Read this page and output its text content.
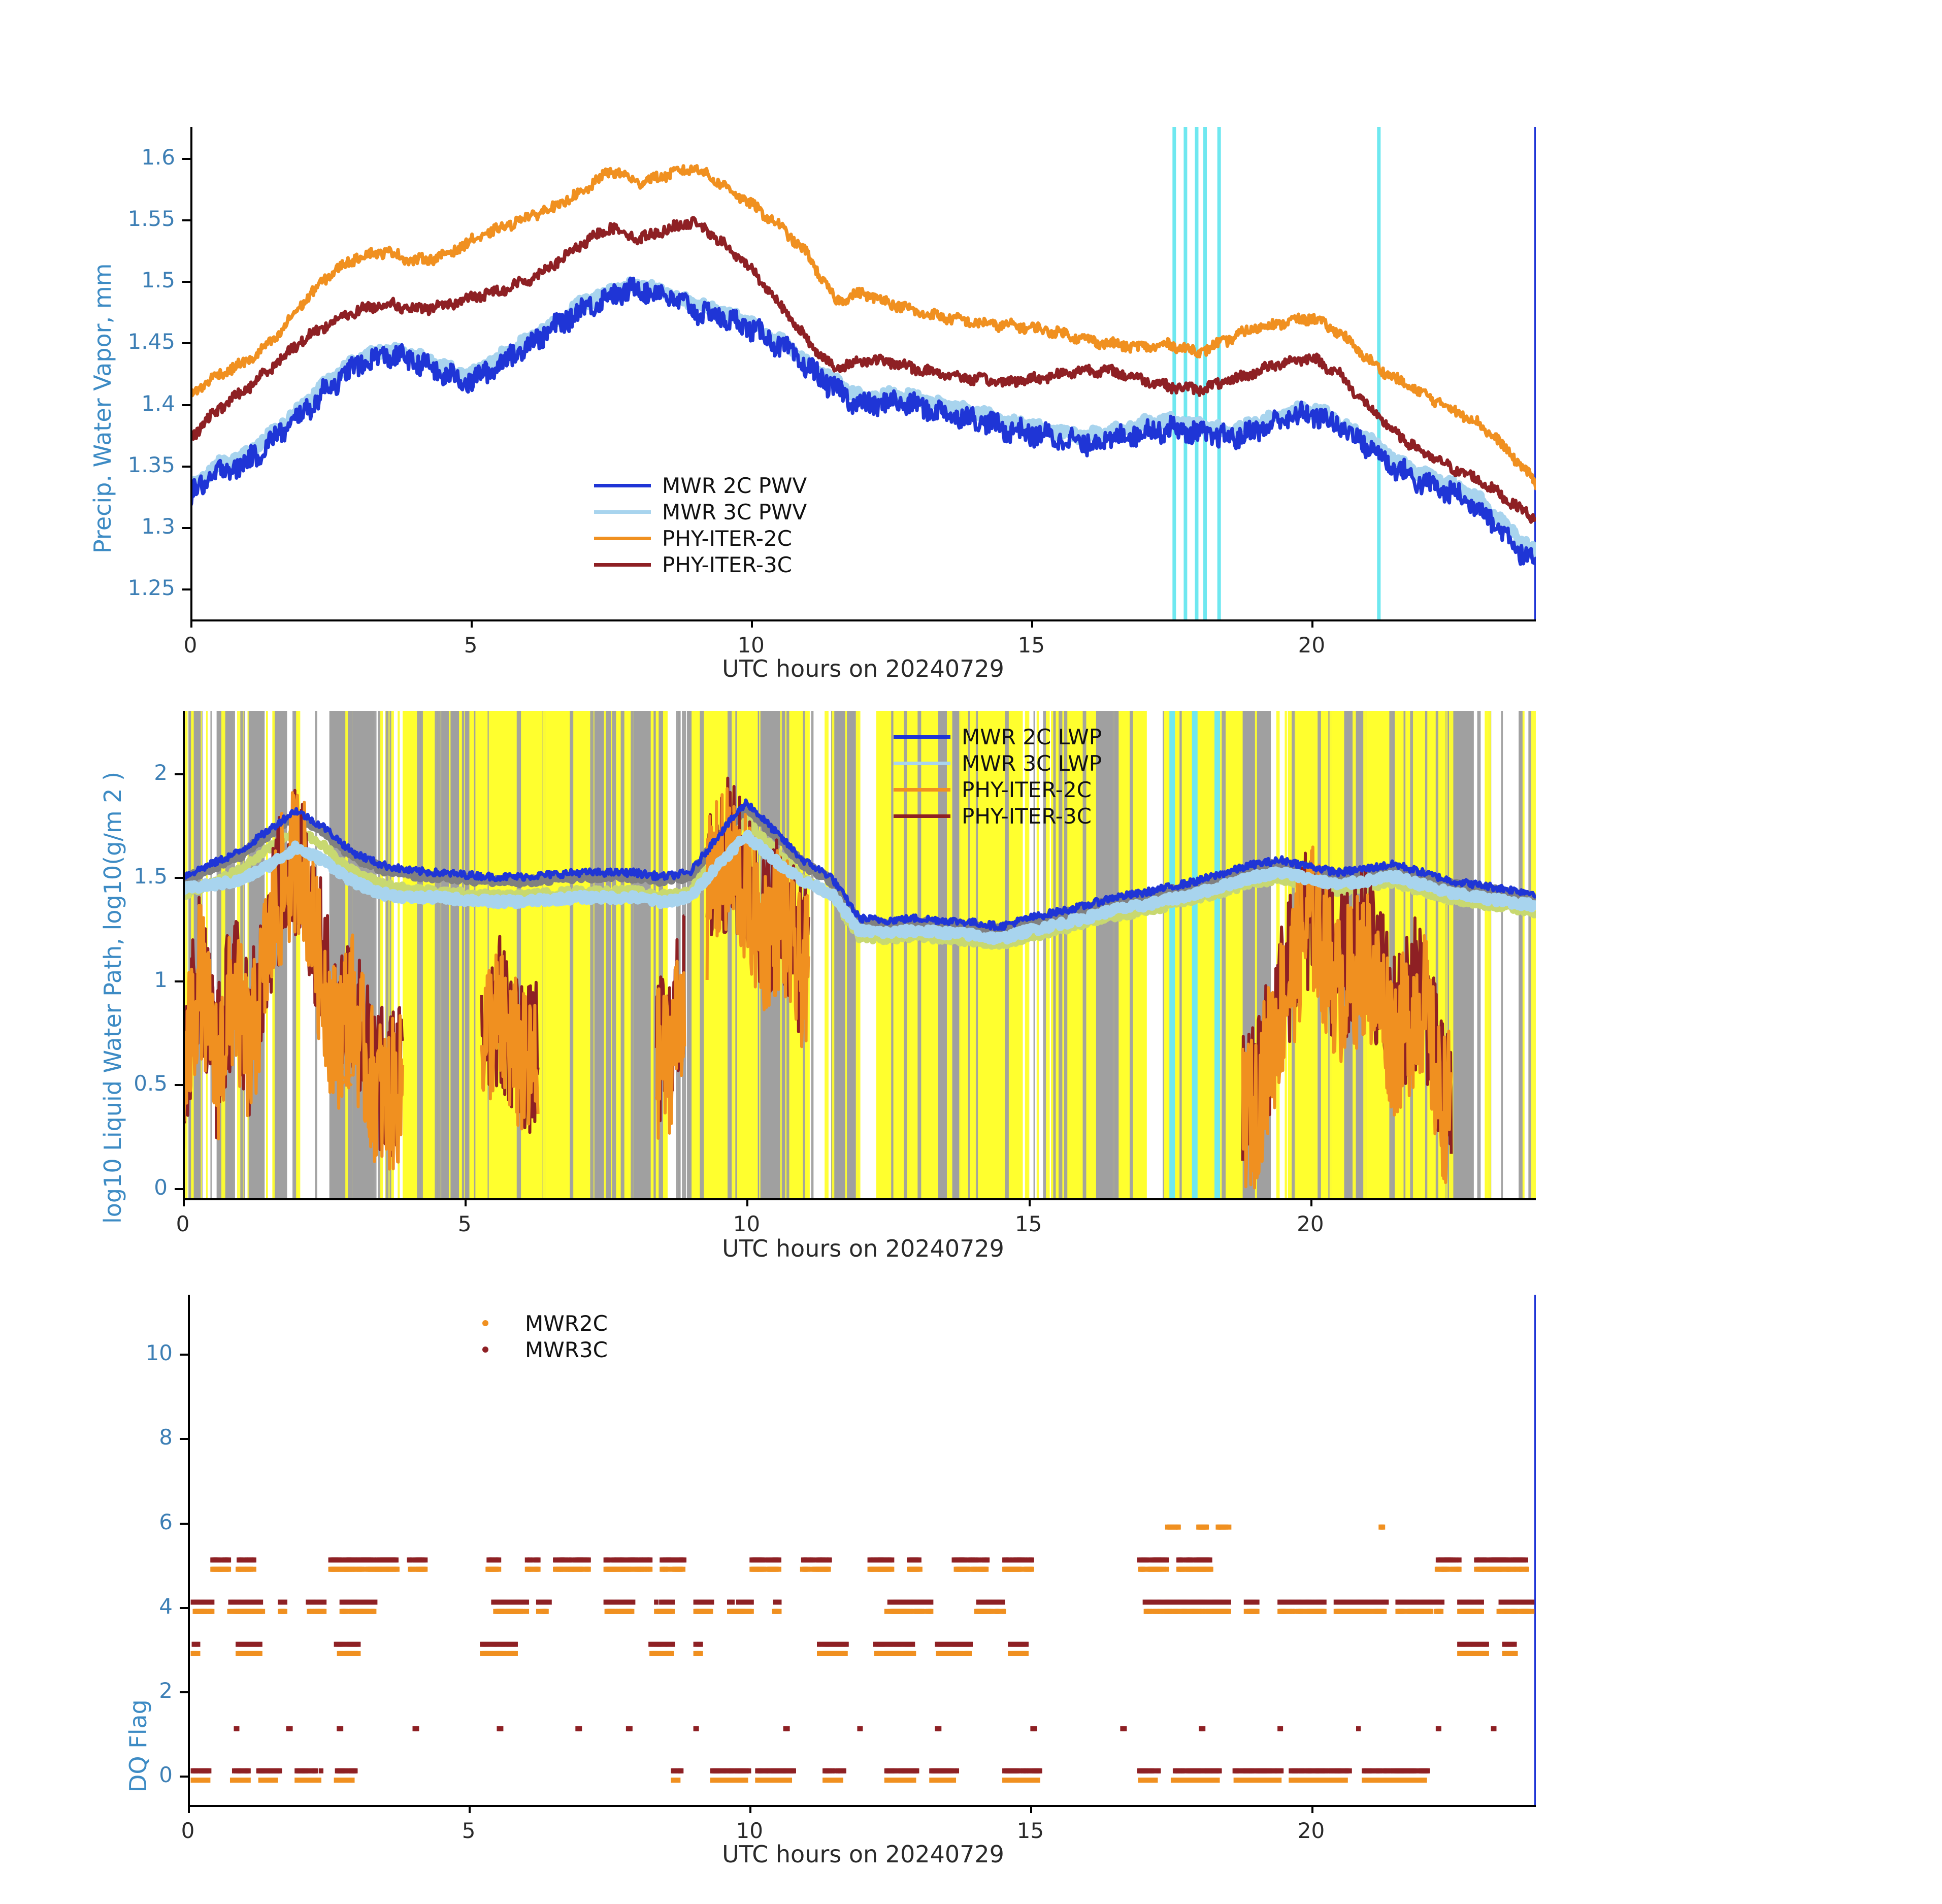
Precip. Water Vapor, mm
0	5	10	15	20
1.25
1.3
1.35
1.4
1.45
1.5
1.55
1.6
UTC hours on 20240729
MWR 2C PWV
MWR 3C PWV
PHY-ITER-2C
PHY-ITER-3C
log10 Liquid Water Path, log10(g/m 2 )
0	5	10	15	20
0
0.5
1
1.5
2
UTC hours on 20240729
MWR 2C LWP
MWR 3C LWP
PHY-ITER-2C
PHY-ITER-3C
DQ Flag
0	5	10	15	20
0
2
4
6
8
10
UTC hours on 20240729
MWR2C
MWR3C
